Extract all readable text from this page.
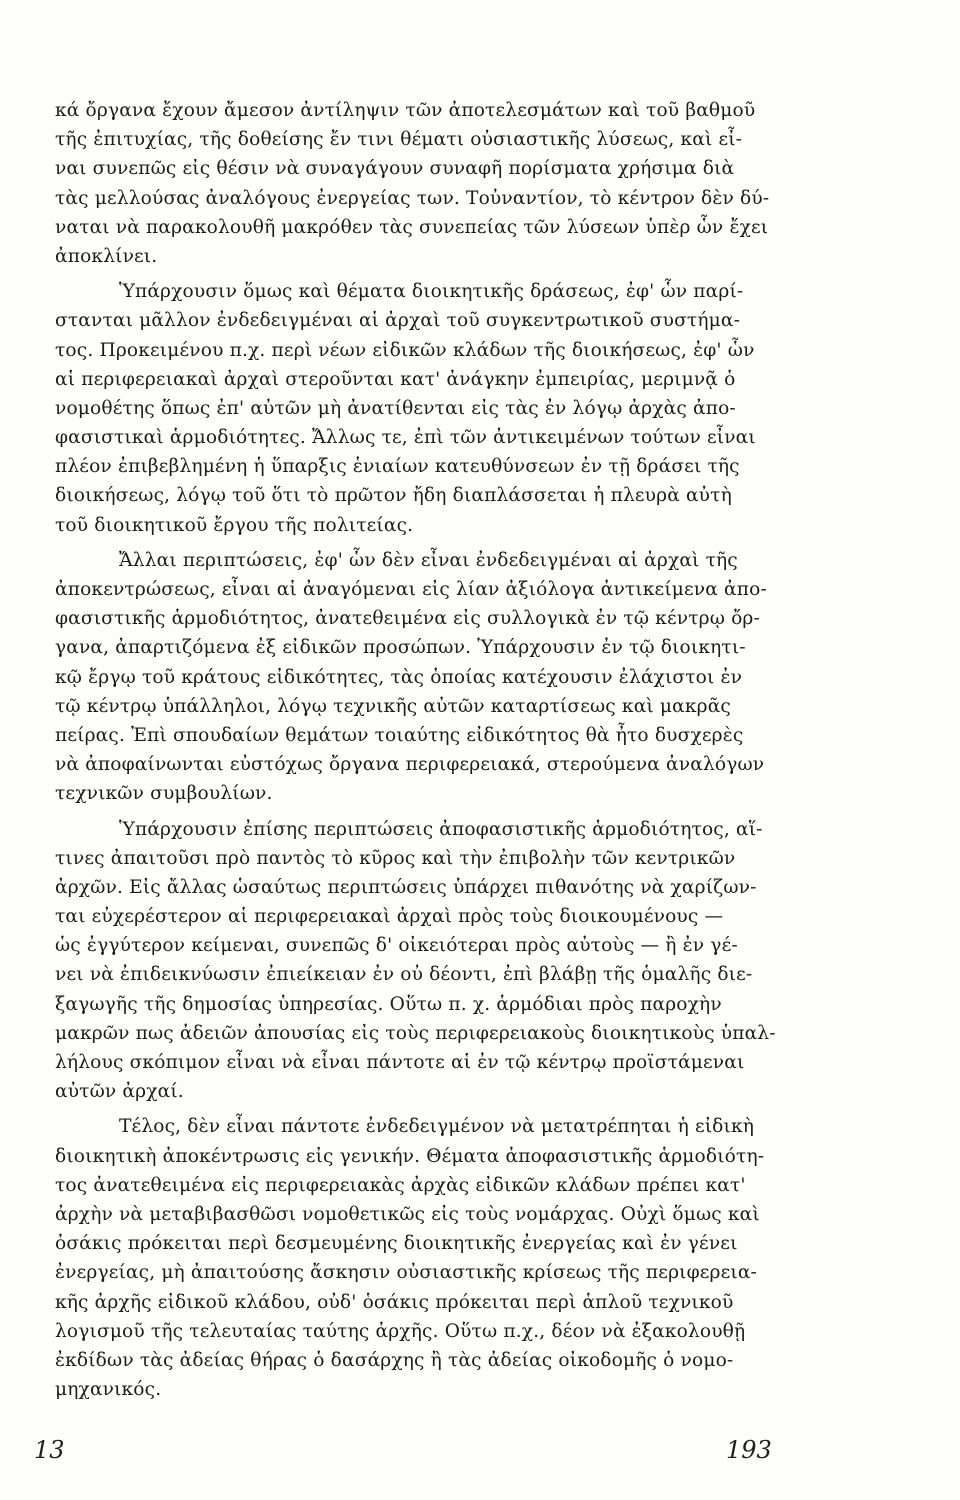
κά ὄργανα ἔχουν ἄμεσον ἀντίληψιν τῶν ἀποτελεσμάτων καὶ τοῦ βαθμοῦ
τῆς ἐπιτυχίας, τῆς δοθείσης ἔν τινι θέματι οὐσιαστικῆς λύσεως, καὶ εἶ-
ναι συνεπῶς εἰς θέσιν νὰ συναγάγουν συναφῆ πορίσματα χρήσιμα διὰ
τὰς μελλούσας ἀναλόγους ἐνεργείας των. Τοὐναντίον, τὸ κέντρον δὲν δύ-
ναται νὰ παρακολουθῆ μακρόθεν τὰς συνεπείας τῶν λύσεων ὑπὲρ ὧν ἔχει
ἀποκλίνει.
Ὑπάρχουσιν ὅμως καὶ θέματα διοικητικῆς δράσεως, ἐφ' ὧν παρί-
στανται μᾶλλον ἐνδεδειγμέναι αἱ ἀρχαὶ τοῦ συγκεντρωτικοῦ συστήμα-
τος. Προκειμένου π.χ. περὶ νέων εἰδικῶν κλάδων τῆς διοικήσεως, ἐφ' ὧν
αἱ περιφερειακαὶ ἀρχαὶ στεροῦνται κατ' ἀνάγκην ἐμπειρίας, μεριμνᾷ ὁ
νομοθέτης ὅπως ἐπ' αὐτῶν μὴ ἀνατίθενται εἰς τὰς ἐν λόγῳ ἀρχὰς ἀπο-
φασιστικαὶ ἁρμοδιότητες. Ἄλλως τε, ἐπὶ τῶν ἀντικειμένων τούτων εἶναι
πλέον ἐπιβεβλημένη ἡ ὕπαρξις ἑνιαίων κατευθύνσεων ἐν τῇ δράσει τῆς
διοικήσεως, λόγῳ τοῦ ὅτι τὸ πρῶτον ἤδη διαπλάσσεται ἡ πλευρὰ αὐτὴ
τοῦ διοικητικοῦ ἔργου τῆς πολιτείας.
Ἄλλαι περιπτώσεις, ἐφ' ὧν δὲν εἶναι ἐνδεδειγμέναι αἱ ἀρχαὶ τῆς
ἀποκεντρώσεως, εἶναι αἱ ἀναγόμεναι εἰς λίαν ἀξιόλογα ἀντικείμενα ἀπο-
φασιστικῆς ἁρμοδιότητος, ἀνατεθειμένα εἰς συλλογικὰ ἐν τῷ κέντρῳ ὄρ-
γανα, ἀπαρτιζόμενα ἐξ εἰδικῶν προσώπων. Ὑπάρχουσιν ἐν τῷ διοικητι-
κῷ ἔργῳ τοῦ κράτους εἰδικότητες, τὰς ὁποίας κατέχουσιν ἐλάχιστοι ἐν
τῷ κέντρῳ ὑπάλληλοι, λόγῳ τεχνικῆς αὐτῶν καταρτίσεως καὶ μακρᾶς
πείρας. Ἐπὶ σπουδαίων θεμάτων τοιαύτης εἰδικότητος θὰ ἦτο δυσχερὲς
νὰ ἀποφαίνωνται εὐστόχως ὄργανα περιφερειακά, στερούμενα ἀναλόγων
τεχνικῶν συμβουλίων.
Ὑπάρχουσιν ἐπίσης περιπτώσεις ἀποφασιστικῆς ἁρμοδιότητος, αἵ-
τινες ἀπαιτοῦσι πρὸ παντὸς τὸ κῦρος καὶ τὴν ἐπιβολὴν τῶν κεντρικῶν
ἀρχῶν. Εἰς ἄλλας ὡσαύτως περιπτώσεις ὑπάρχει πιθανότης νὰ χαρίζων-
ται εὐχερέστερον αἱ περιφερειακαὶ ἀρχαὶ πρὸς τοὺς διοικουμένους —
ὡς ἐγγύτερον κείμεναι, συνεπῶς δ' οἰκειότεραι πρὸς αὐτοὺς — ἢ ἐν γέ-
νει νὰ ἐπιδεικνύωσιν ἐπιείκειαν ἐν οὐ δέοντι, ἐπὶ βλάβῃ τῆς ὁμαλῆς διε-
ξαγωγῆς τῆς δημοσίας ὑπηρεσίας. Οὕτω π. χ. ἁρμόδιαι πρὸς παροχὴν
μακρῶν πως ἀδειῶν ἀπουσίας εἰς τοὺς περιφερειακοὺς διοικητικοὺς ὑπαλ-
λήλους σκόπιμον εἶναι νὰ εἶναι πάντοτε αἱ ἐν τῷ κέντρῳ προϊστάμεναι
αὐτῶν ἀρχαί.
Τέλος, δὲν εἶναι πάντοτε ἐνδεδειγμένον νὰ μετατρέπηται ἡ εἰδικὴ
διοικητικὴ ἀποκέντρωσις εἰς γενικήν. Θέματα ἀποφασιστικῆς ἁρμοδιότη-
τος ἀνατεθειμένα εἰς περιφερειακὰς ἀρχὰς εἰδικῶν κλάδων πρέπει κατ'
ἀρχὴν νὰ μεταβιβασθῶσι νομοθετικῶς εἰς τοὺς νομάρχας. Οὐχὶ ὅμως καὶ
ὁσάκις πρόκειται περὶ δεσμευμένης διοικητικῆς ἐνεργείας καὶ ἐν γένει
ἐνεργείας, μὴ ἀπαιτούσης ἄσκησιν οὐσιαστικῆς κρίσεως τῆς περιφερεια-
κῆς ἀρχῆς εἰδικοῦ κλάδου, οὐδ' ὁσάκις πρόκειται περὶ ἁπλοῦ τεχνικοῦ
λογισμοῦ τῆς τελευταίας ταύτης ἀρχῆς. Οὕτω π.χ., δέον νὰ ἐξακολουθῇ
ἐκδίδων τὰς ἀδείας θήρας ὁ δασάρχης ἢ τὰς ἀδείας οἰκοδομῆς ὁ νομο-
μηχανικός.
13	193
